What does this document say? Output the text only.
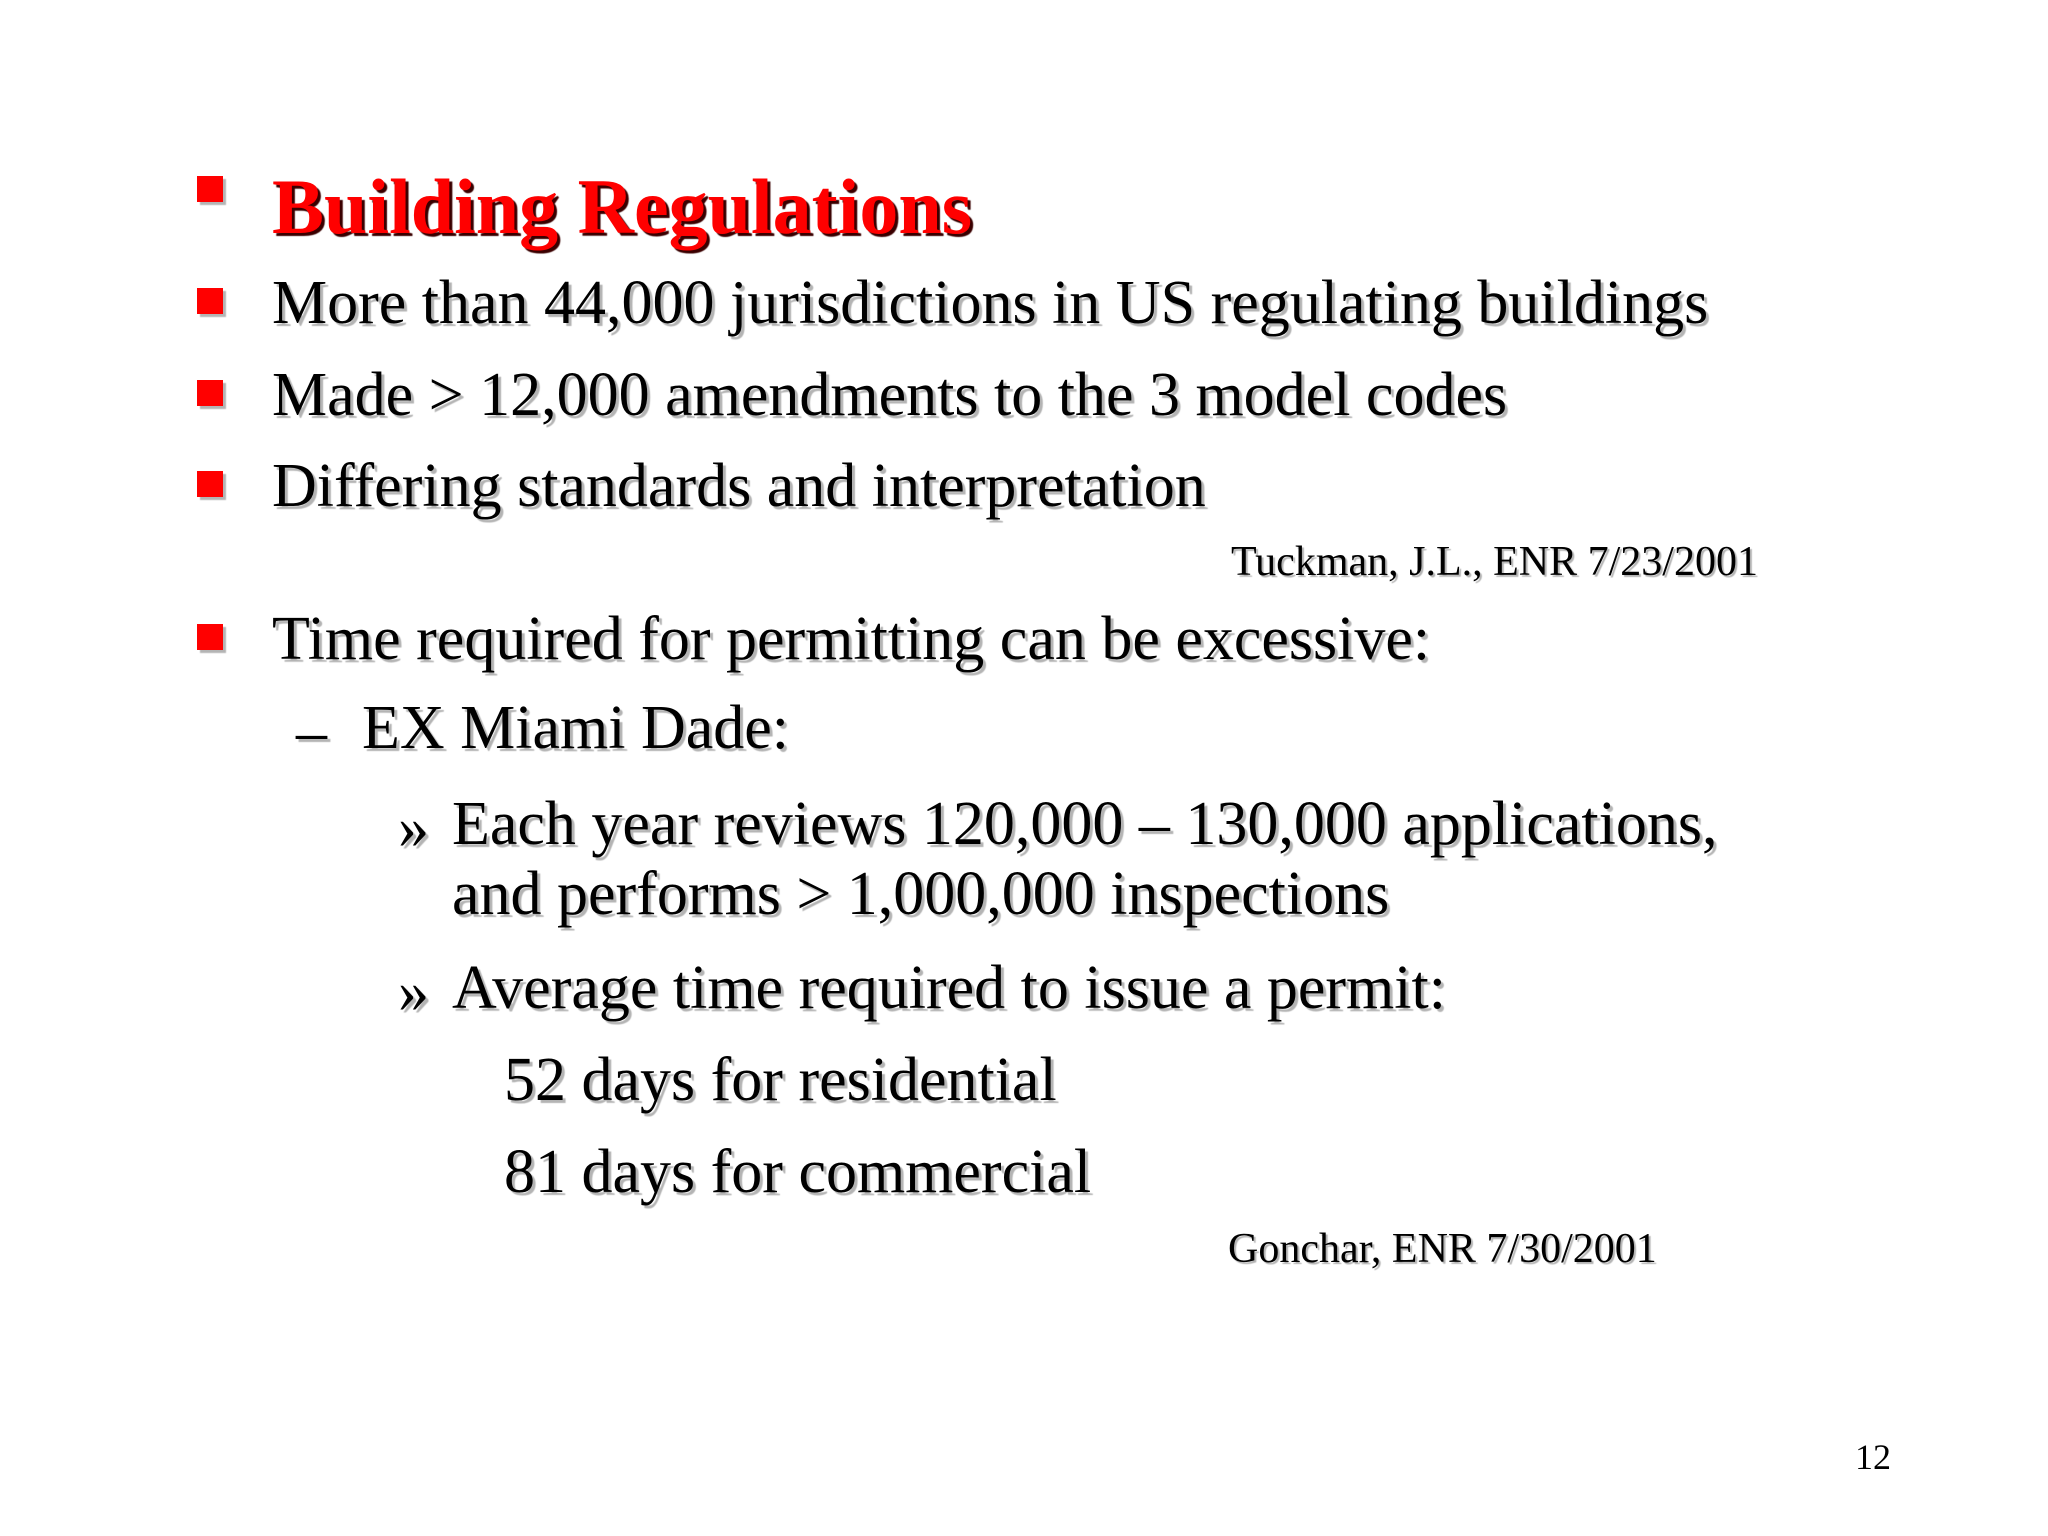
Building Regulations
More than 44,000 jurisdictions in US regulating buildings
Made > 12,000 amendments to the 3 model codes
Differing standards and interpretation
Tuckman, J.L., ENR 7/23/2001
Time required for permitting can be excessive:
– EX Miami Dade:
» Each year reviews 120,000 – 130,000 applications,
and performs > 1,000,000 inspections
» Average time required to issue a permit:
52 days for residential
81 days for commercial
Gonchar, ENR 7/30/2001
12
